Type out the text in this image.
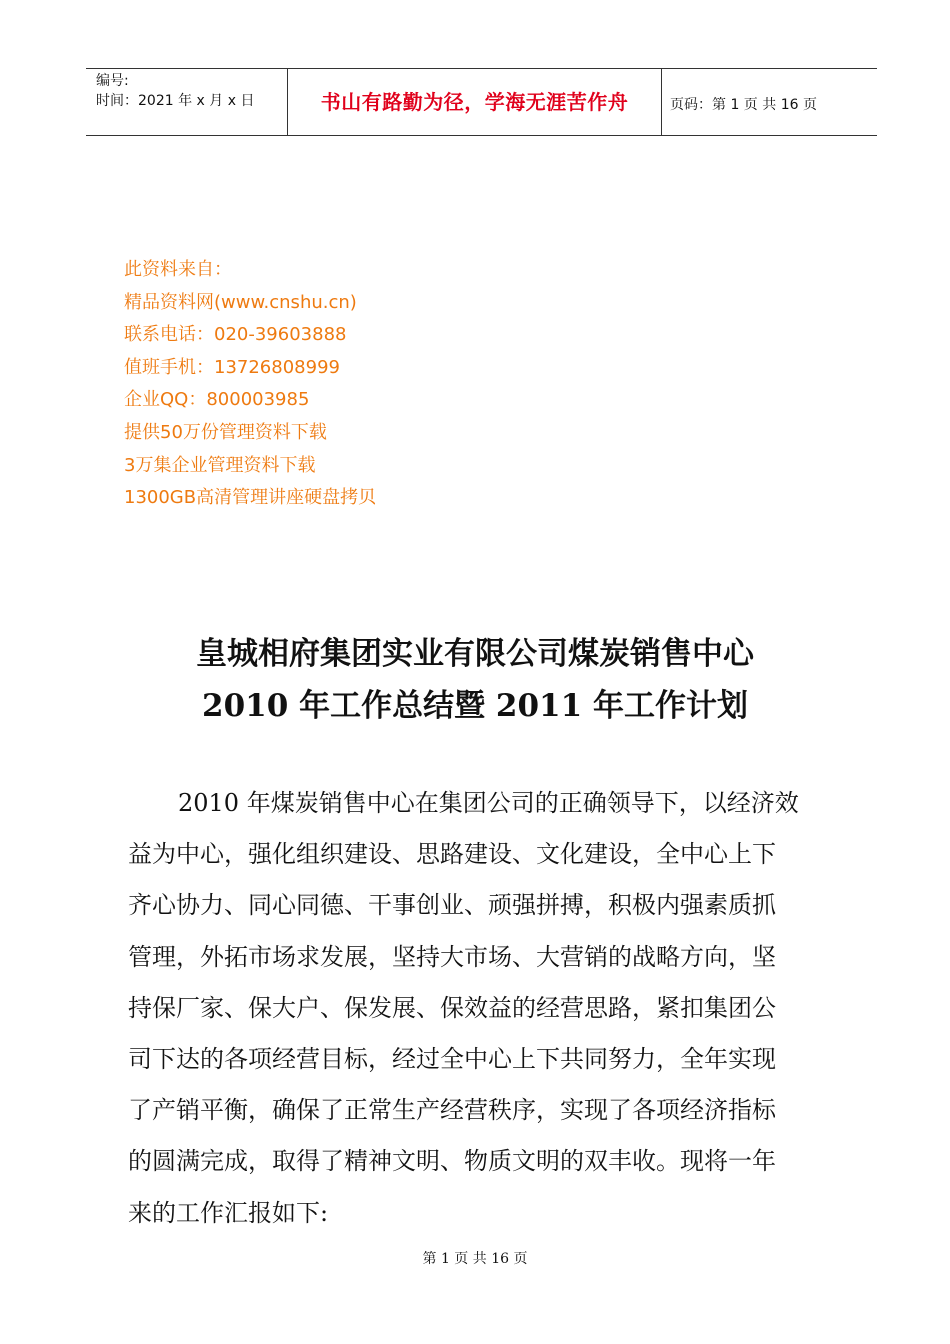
编号:
时间：2021 年 x 月 x 日	书山有路勤为径，学海无涯苦作舟	页码：第 1 页 共 16 页
此资料来自：
精品资料网(www.cnshu.cn)
联系电话：020-39603888
值班手机：13726808999
企业QQ：800003985
提供50万份管理资料下载
3万集企业管理资料下载
1300GB高清管理讲座硬盘拷贝
皇城相府集团实业有限公司煤炭销售中心
2010 年工作总结暨 2011 年工作计划
2010 年煤炭销售中心在集团公司的正确领导下，以经济效
益为中心，强化组织建设、思路建设、文化建设，全中心上下
齐心协力、同心同德、干事创业、顽强拼搏，积极内强素质抓
管理，外拓市场求发展，坚持大市场、大营销的战略方向，坚
持保厂家、保大户、保发展、保效益的经营思路，紧扣集团公
司下达的各项经营目标，经过全中心上下共同努力，全年实现
了产销平衡，确保了正常生产经营秩序，实现了各项经济指标
的圆满完成，取得了精神文明、物质文明的双丰收。现将一年
来的工作汇报如下:
第 1 页 共 16 页
